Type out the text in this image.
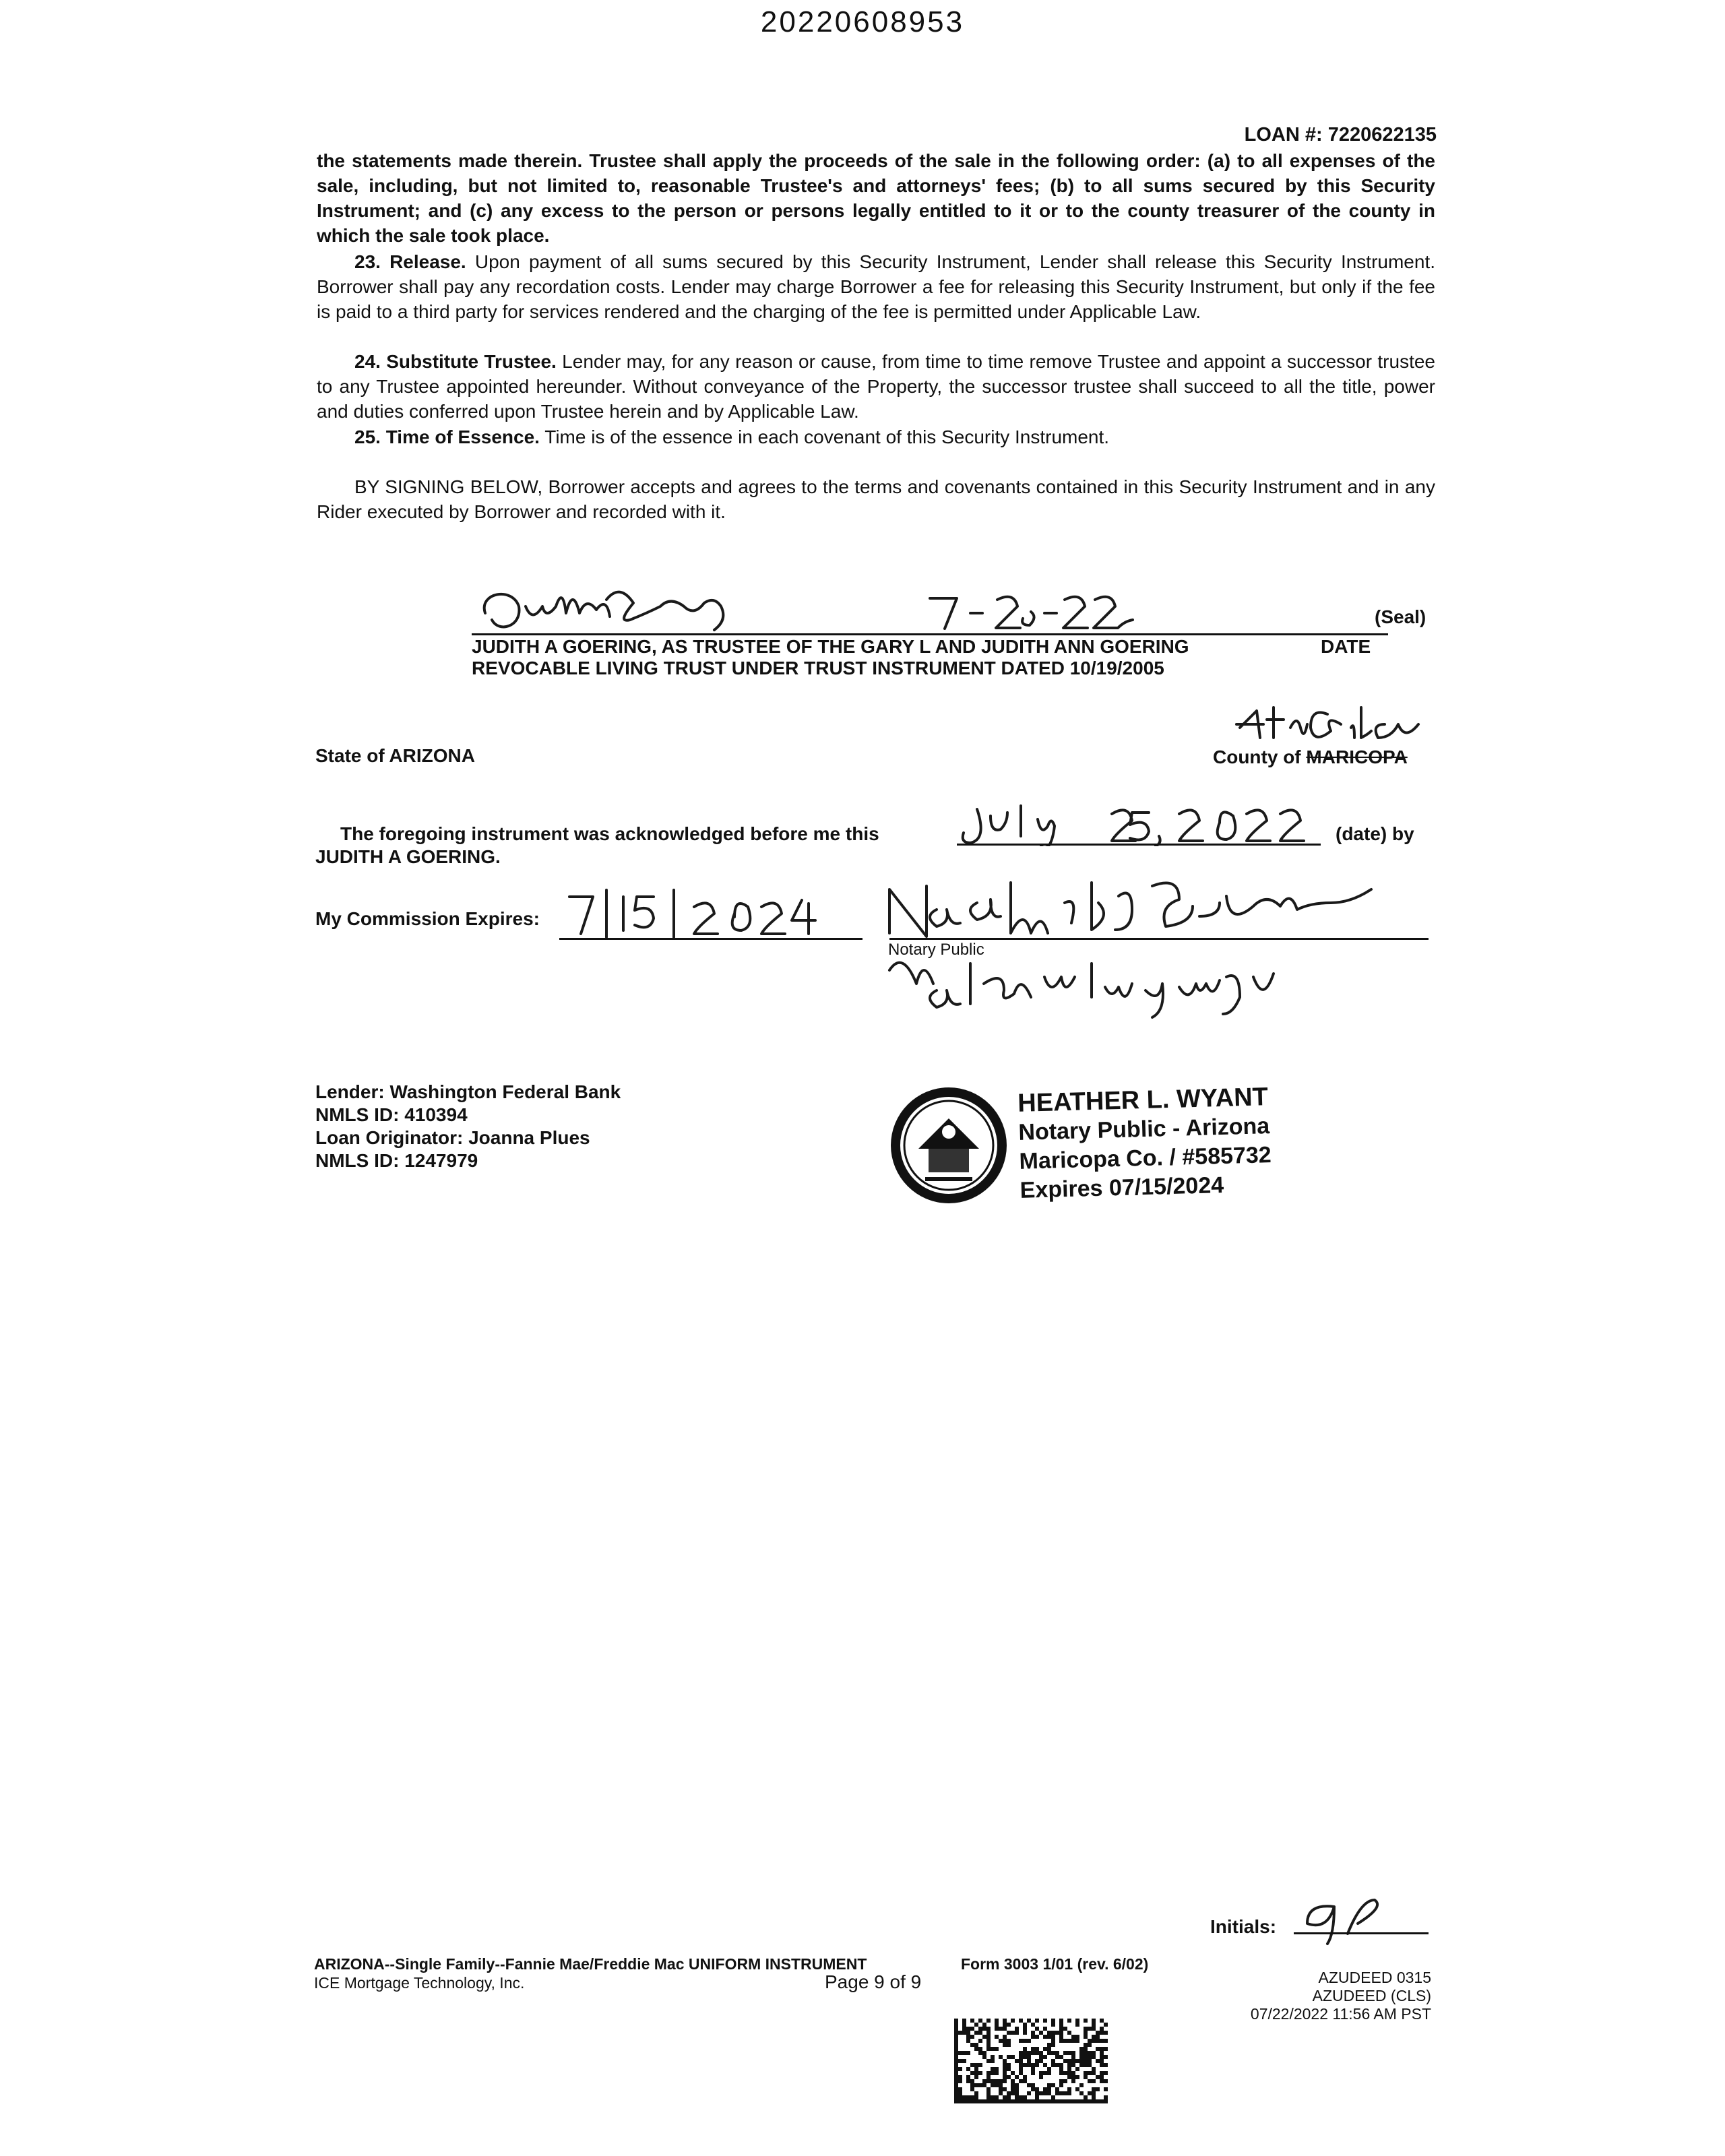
20220608953
LOAN #: 7220622135
the statements made therein. Trustee shall apply the proceeds of the sale in the following order: (a) to all expenses of the sale, including, but not limited to, reasonable Trustee's and attorneys' fees; (b) to all sums secured by this Security Instrument; and (c) any excess to the person or persons legally entitled to it or to the county treasurer of the county in which the sale took place.
23. Release. Upon payment of all sums secured by this Security Instrument, Lender shall release this Security Instrument. Borrower shall pay any recordation costs. Lender may charge Borrower a fee for releasing this Security Instrument, but only if the fee is paid to a third party for services rendered and the charging of the fee is permitted under Applicable Law.
24. Substitute Trustee. Lender may, for any reason or cause, from time to time remove Trustee and appoint a successor trustee to any Trustee appointed hereunder. Without conveyance of the Property, the successor trustee shall succeed to all the title, power and duties conferred upon Trustee herein and by Applicable Law.
25. Time of Essence. Time is of the essence in each covenant of this Security Instrument.
BY SIGNING BELOW, Borrower accepts and agrees to the terms and covenants contained in this Security Instrument and in any Rider executed by Borrower and recorded with it.
(Seal)
JUDITH A GOERING, AS TRUSTEE OF THE GARY L AND JUDITH ANN GOERING	DATE
REVOCABLE LIVING TRUST UNDER TRUST INSTRUMENT DATED 10/19/2005
State of ARIZONA	County of MARICOPA
The foregoing instrument was acknowledged before me this	(date) by
JUDITH A GOERING.
My Commission Expires:
Notary Public
Lender: Washington Federal Bank
NMLS ID: 410394
Loan Originator: Joanna Plues
NMLS ID: 1247979
HEATHER L. WYANT
Notary Public - Arizona
Maricopa Co. / #585732
Expires 07/15/2024
Initials:
ARIZONA--Single Family--Fannie Mae/Freddie Mac UNIFORM INSTRUMENT	Form 3003 1/01 (rev. 6/02)
ICE Mortgage Technology, Inc.	Page 9 of 9	AZUDEED 0315
AZUDEED (CLS)
07/22/2022 11:56 AM PST
